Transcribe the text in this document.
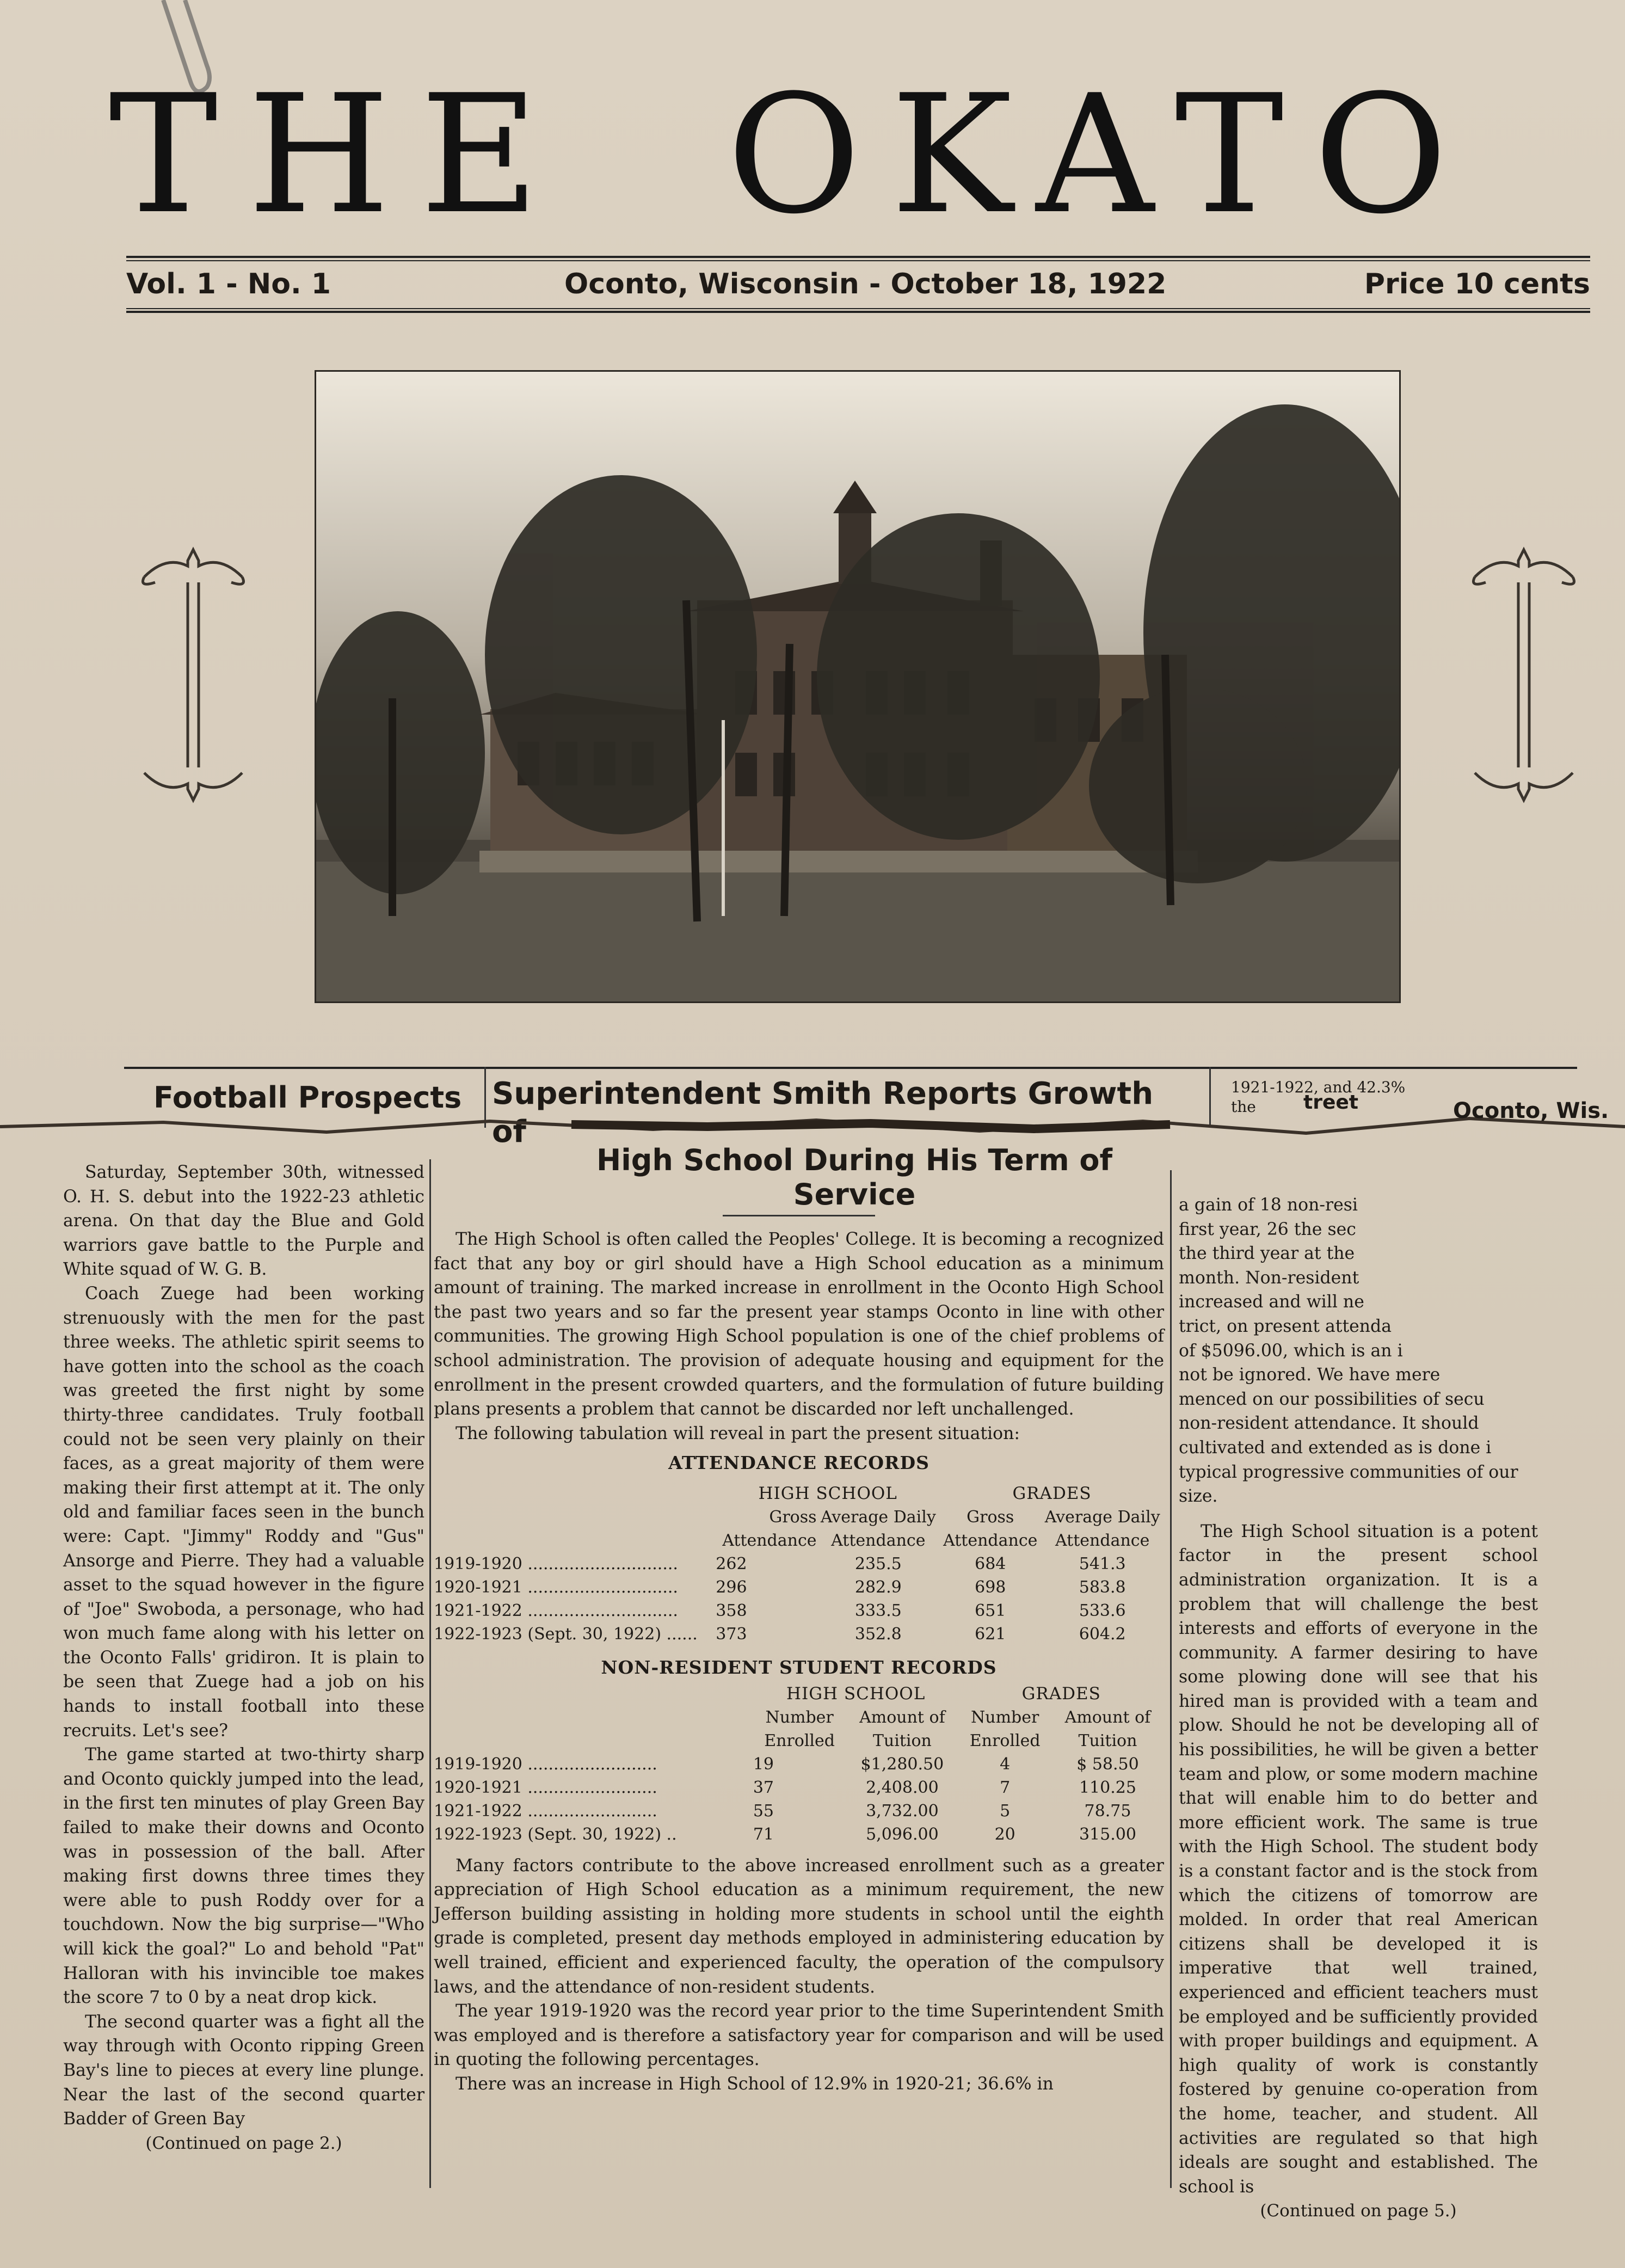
THE OKATO
Vol. 1 - No. 1	Oconto, Wisconsin - October 18, 1922	Price 10 cents
Football Prospects Superintendent Smith Reports Growth of
High School During His Term of Service
1921-1922, and 42.3%
the	treet	Oconto, Wis.

Saturday, September 30th, witnessed O. H. S. debut into the 1922-23 athletic arena. On that day the Blue and Gold warriors gave battle to the Purple and White squad of W. G. B.

Coach Zuege had been working strenuously with the men for the past three weeks. The athletic spirit seems to have gotten into the school as the coach was greeted the first night by some thirty-three candidates. Truly football could not be seen very plainly on their faces, as a great majority of them were making their first attempt at it. The only old and familiar faces seen in the bunch were: Capt. "Jimmy" Roddy and "Gus" Ansorge and Pierre. They had a valuable asset to the squad however in the figure of "Joe" Swoboda, a personage, who had won much fame along with his letter on the Oconto Falls' gridiron. It is plain to be seen that Zuege had a job on his hands to install football into these recruits. Let's see?

The game started at two-thirty sharp and Oconto quickly jumped into the lead, in the first ten minutes of play Green Bay failed to make their downs and Oconto was in possession of the ball. After making first downs three times they were able to push Roddy over for a touchdown. Now the big surprise—"Who will kick the goal?" Lo and behold "Pat" Halloran with his invincible toe makes the score 7 to 0 by a neat drop kick.

The second quarter was a fight all the way through with Oconto ripping Green Bay's line to pieces at every line plunge. Near the last of the second quarter Badder of Green Bay

(Continued on page 2.)

The High School is often called the Peoples' College. It is becoming a recognized fact that any boy or girl should have a High School education as a minimum amount of training. The marked increase in enrollment in the Oconto High School the past two years and so far the present year stamps Oconto in line with other communities. The growing High School population is one of the chief problems of school administration. The provision of adequate housing and equipment for the enrollment in the present crowded quarters, and the formulation of future building plans presents a problem that cannot be discarded nor left unchallenged.

The following tabulation will reveal in part the present situation:

ATTENDANCE RECORDS
	HIGH SCHOOL		GRADES	
	Gross	Average Daily	Gross	Average Daily
	Attendance	Attendance	Attendance	Attendance
1919-1920 .............................	262	235.5	684	541.3
1920-1921 .............................	296	282.9	698	583.8
1921-1922 .............................	358	333.5	651	533.6
1922-1923 (Sept. 30, 1922) ......	373	352.8	621	604.2
NON-RESIDENT STUDENT RECORDS
	HIGH SCHOOL		GRADES	
	Number	Amount of	Number	Amount of
	Enrolled	Tuition	Enrolled	Tuition
1919-1920 .........................	19	$1,280.50	4	$ 58.50
1920-1921 .........................	37	2,408.00	7	110.25
1921-1922 .........................	55	3,732.00	5	78.75
1922-1923 (Sept. 30, 1922) ..	71	5,096.00	20	315.00

Many factors contribute to the above increased enrollment such as a greater appreciation of High School education as a minimum requirement, the new Jefferson building assisting in holding more students in school until the eighth grade is completed, present day methods employed in administering education by well trained, efficient and experienced faculty, the operation of the compulsory laws, and the attendance of non-resident students.

The year 1919-1920 was the record year prior to the time Superintendent Smith was employed and is therefore a satisfactory year for comparison and will be used in quoting the following percentages.

There was an increase in High School of 12.9% in 1920-21; 36.6% in

a gain of 18 non-resi
first year, 26 the sec
the third year at the
month. Non-resident
increased and will ne
trict, on present attenda
of $5096.00, which is an i
not be ignored. We have mere
menced on our possibilities of secu
non-resident attendance. It should
cultivated and extended as is done i
typical progressive communities of our
size.

The High School situation is a potent factor in the present school administration organization. It is a problem that will challenge the best interests and efforts of everyone in the community. A farmer desiring to have some plowing done will see that his hired man is provided with a team and plow. Should he not be developing all of his possibilities, he will be given a better team and plow, or some modern machine that will enable him to do better and more efficient work. The same is true with the High School. The student body is a constant factor and is the stock from which the citizens of tomorrow are molded. In order that real American citizens shall be developed it is imperative that well trained, experienced and efficient teachers must be employed and be sufficiently provided with proper buildings and equipment. A high quality of work is constantly fostered by genuine co-operation from the home, teacher, and student. All activities are regulated so that high ideals are sought and established. The school is

(Continued on page 5.)
